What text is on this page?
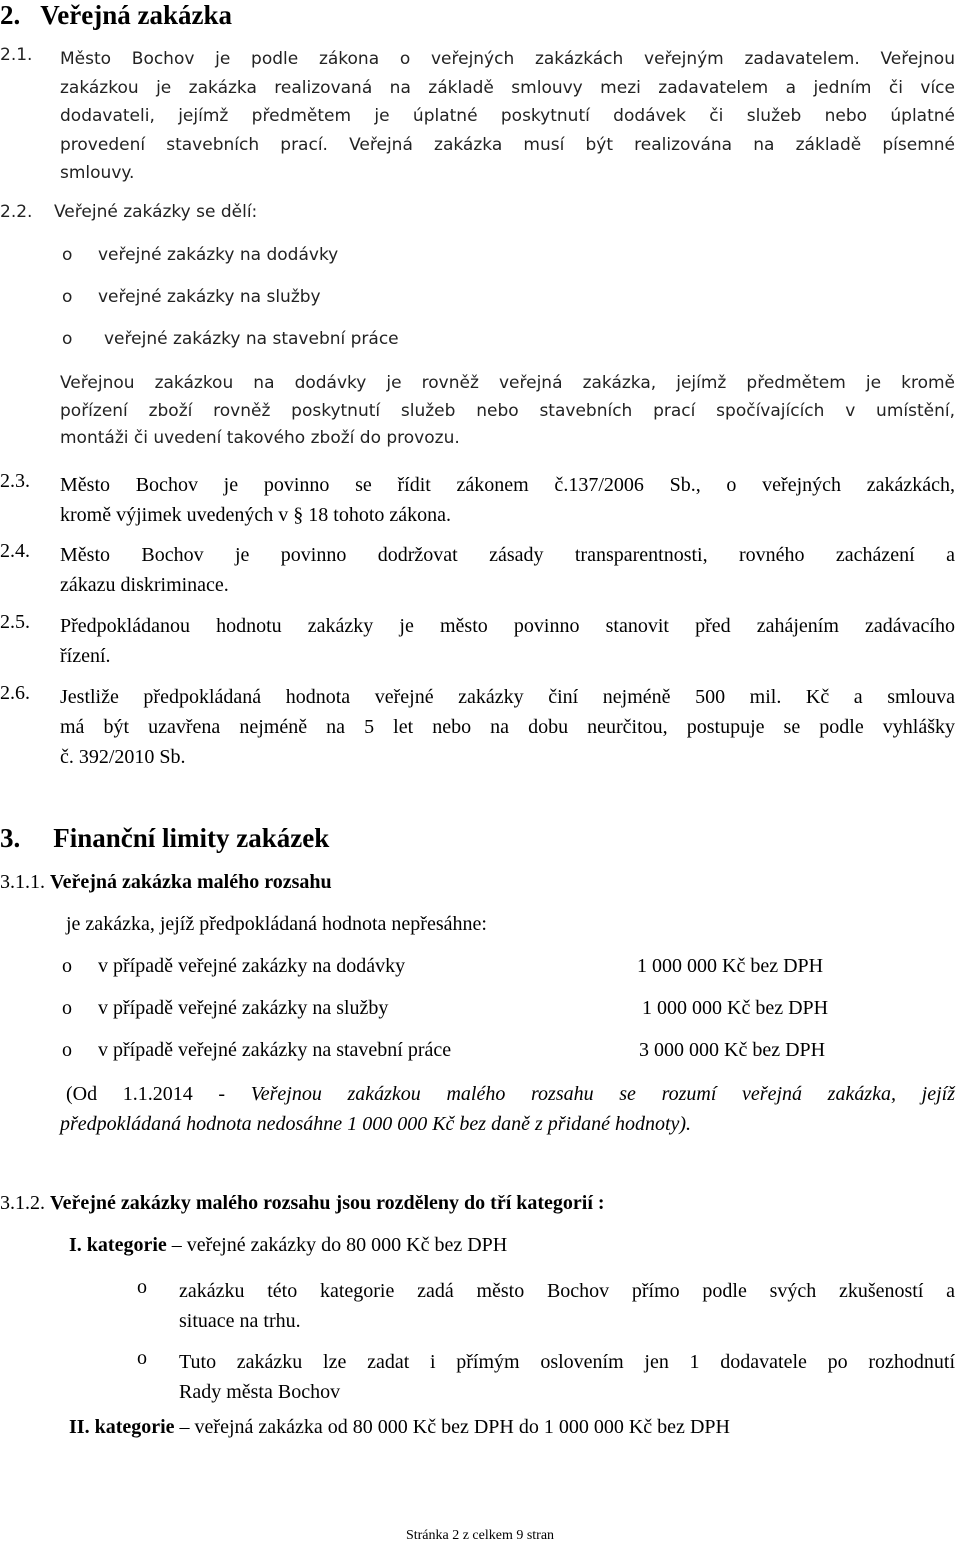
2. Veřejná zakázka
2.1. Město Bochov je podle zákona o veřejných zakázkách veřejným zadavatelem. Veřejnou
zakázkou je zakázka realizovaná na základě smlouvy mezi zadavatelem a jedním či více
dodavateli, jejímž předmětem je úplatné poskytnutí dodávek či služeb nebo úplatné
provedení stavebních prací. Veřejná zakázka musí být realizována na základě písemné
smlouvy.
2.2. Veřejné zakázky se dělí:
o veřejné zakázky na dodávky
o veřejné zakázky na služby
o veřejné zakázky na stavební práce
Veřejnou zakázkou na dodávky je rovněž veřejná zakázka, jejímž předmětem je kromě
pořízení zboží rovněž poskytnutí služeb nebo stavebních prací spočívajících v umístění,
montáži či uvedení takového zboží do provozu.
2.3. Město Bochov je povinno se řídit zákonem č.137/2006 Sb., o veřejných zakázkách,
kromě výjimek uvedených v § 18 tohoto zákona.
2.4. Město Bochov je povinno dodržovat zásady transparentnosti, rovného zacházení a
zákazu diskriminace.
2.5. Předpokládanou hodnotu zakázky je město povinno stanovit před zahájením zadávacího
řízení.
2.6. Jestliže předpokládaná hodnota veřejné zakázky činí nejméně 500 mil. Kč a smlouva
má být uzavřena nejméně na 5 let nebo na dobu neurčitou, postupuje se podle vyhlášky
č. 392/2010 Sb.
3. Finanční limity zakázek
3.1.1. Veřejná zakázka malého rozsahu
je zakázka, jejíž předpokládaná hodnota nepřesáhne:
o v případě veřejné zakázky na dodávky	1 000 000 Kč bez DPH
o v případě veřejné zakázky na služby	1 000 000 Kč bez DPH
o v případě veřejné zakázky na stavební práce	3 000 000 Kč bez DPH
(Od 1.1.2014 - Veřejnou zakázkou malého rozsahu se rozumí veřejná zakázka, jejíž
předpokládaná hodnota nedosáhne 1 000 000 Kč bez daně z přidané hodnoty).
3.1.2. Veřejné zakázky malého rozsahu jsou rozděleny do tří kategorií :
I. kategorie – veřejné zakázky do 80 000 Kč bez DPH
o zakázku této kategorie zadá město Bochov přímo podle svých zkušeností a
situace na trhu.
o Tuto zakázku lze zadat i přímým oslovením jen 1 dodavatele po rozhodnutí
Rady města Bochov
II. kategorie – veřejná zakázka od 80 000 Kč bez DPH do 1 000 000 Kč bez DPH
Stránka 2 z celkem 9 stran
